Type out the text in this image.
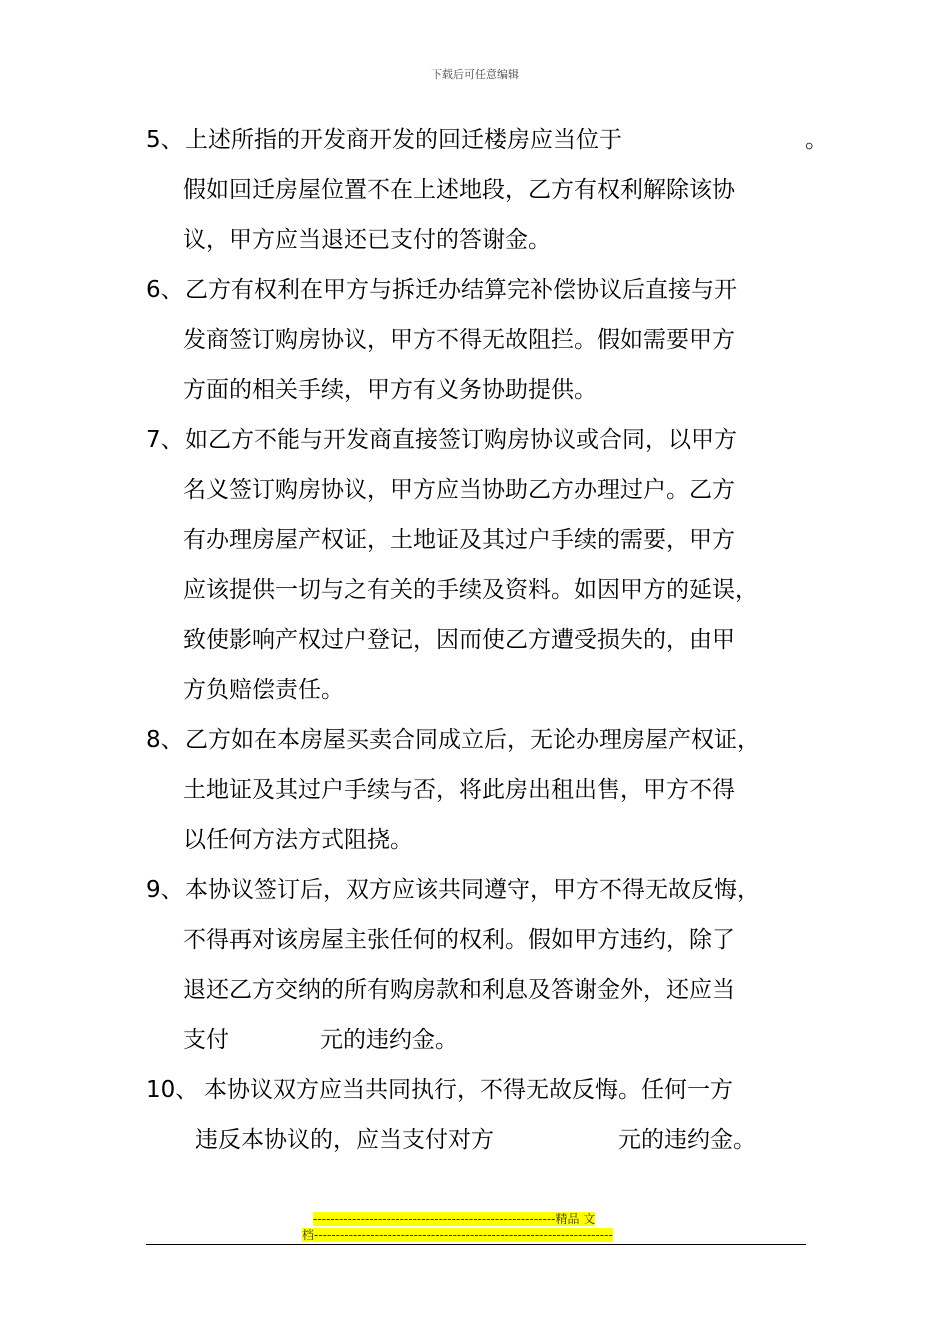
下载后可任意编辑
5、 上述所指的开发商开发的回迁楼房应当位于	。
假如回迁房屋位置不在上述地段，乙方有权利解除该协
议，甲方应当退还已支付的答谢金。
6、 乙方有权利在甲方与拆迁办结算完补偿协议后直接与开
发商签订购房协议，甲方不得无故阻拦。假如需要甲方
方面的相关手续，甲方有义务协助提供。
7、 如乙方不能与开发商直接签订购房协议或合同，以甲方
名义签订购房协议，甲方应当协助乙方办理过户。乙方
有办理房屋产权证，土地证及其过户手续的需要，甲方
应该提供一切与之有关的手续及资料。如因甲方的延误，
致使影响产权过户登记，因而使乙方遭受损失的，由甲
方负赔偿责任。
8、 乙方如在本房屋买卖合同成立后，无论办理房屋产权证，
土地证及其过户手续与否，将此房出租出售，甲方不得
以任何方法方式阻挠。
9、 本协议签订后，双方应该共同遵守，甲方不得无故反悔，
不得再对该房屋主张任何的权利。假如甲方违约，除了
退还乙方交纳的所有购房款和利息及答谢金外，还应当
支付	元的违约金。
10、 本协议双方应当共同执行，不得无故反悔。任何一方
违反本协议的，应当支付对方	元的违约金。
--------------------------------------------------------精品 文
档---------------------------------------------------------------------
